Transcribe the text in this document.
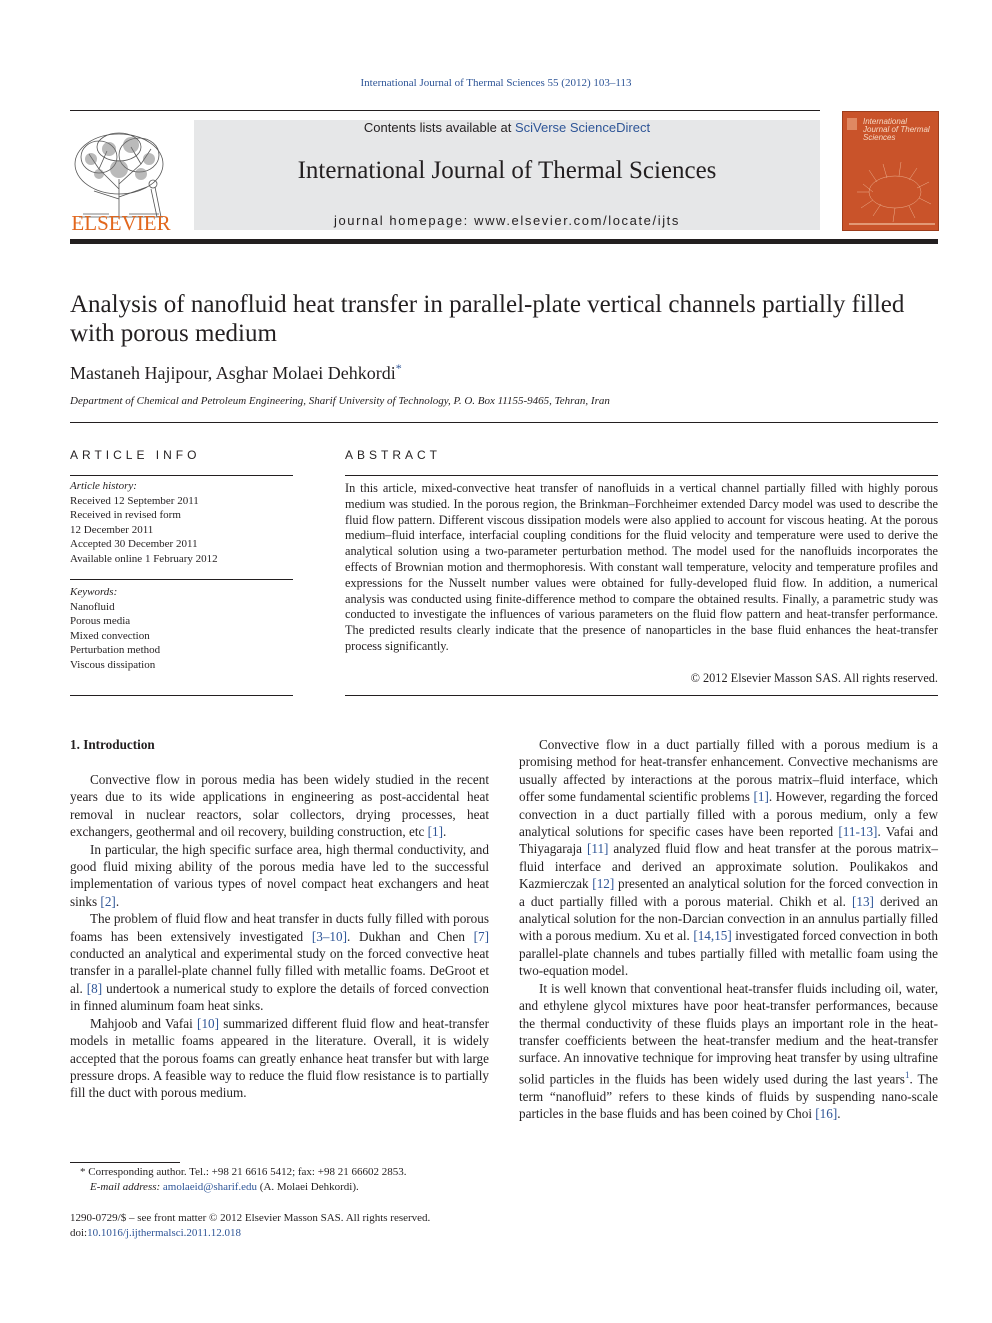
International Journal of Thermal Sciences 55 (2012) 103–113
ELSEVIER
Contents lists available at SciVerse ScienceDirect
International Journal of Thermal Sciences
journal homepage: www.elsevier.com/locate/ijts
International Journal of Thermal Sciences
Analysis of nanofluid heat transfer in parallel-plate vertical channels partially filled with porous medium
Mastaneh Hajipour, Asghar Molaei Dehkordi*
Department of Chemical and Petroleum Engineering, Sharif University of Technology, P. O. Box 11155-9465, Tehran, Iran
ARTICLE INFO
Article history:
Received 12 September 2011
Received in revised form
12 December 2011
Accepted 30 December 2011
Available online 1 February 2012
Keywords:
Nanofluid
Porous media
Mixed convection
Perturbation method
Viscous dissipation
ABSTRACT
In this article, mixed-convective heat transfer of nanofluids in a vertical channel partially filled with highly porous medium was studied. In the porous region, the Brinkman–Forchheimer extended Darcy model was used to describe the fluid flow pattern. Different viscous dissipation models were also applied to account for viscous heating. At the porous medium–fluid interface, interfacial coupling conditions for the fluid velocity and temperature were used to derive the analytical solution using a two-parameter perturbation method. The model used for the nanofluids incorporates the effects of Brownian motion and thermophoresis. With constant wall temperature, velocity and temperature profiles and expressions for the Nusselt number values were obtained for fully-developed fluid flow. In addition, a numerical analysis was conducted using finite-difference method to compare the obtained results. Finally, a parametric study was conducted to investigate the influences of various parameters on the fluid flow pattern and heat-transfer performance. The predicted results clearly indicate that the presence of nanoparticles in the base fluid enhances the heat-transfer process significantly.
© 2012 Elsevier Masson SAS. All rights reserved.
1. Introduction

Convective flow in porous media has been widely studied in the recent years due to its wide applications in engineering as post-accidental heat removal in nuclear reactors, solar collectors, drying processes, heat exchangers, geothermal and oil recovery, building construction, etc [1].

In particular, the high specific surface area, high thermal conductivity, and good fluid mixing ability of the porous media have led to the successful implementation of various types of novel compact heat exchangers and heat sinks [2].

The problem of fluid flow and heat transfer in ducts fully filled with porous foams has been extensively investigated [3–10]. Dukhan and Chen [7] conducted an analytical and experimental study on the forced convective heat transfer in a parallel-plate channel fully filled with metallic foams. DeGroot et al. [8] undertook a numerical study to explore the details of forced convection in finned aluminum foam heat sinks.

Mahjoob and Vafai [10] summarized different fluid flow and heat-transfer models in metallic foams appeared in the literature. Overall, it is widely accepted that the porous foams can greatly enhance heat transfer but with large pressure drops. A feasible way to reduce the fluid flow resistance is to partially fill the duct with porous medium.

Convective flow in a duct partially filled with a porous medium is a promising method for heat-transfer enhancement. Convective mechanisms are usually affected by interactions at the porous matrix–fluid interface, which offer some fundamental scientific problems [1]. However, regarding the forced convection in a duct partially filled with a porous medium, only a few analytical solutions for specific cases have been reported [11-13]. Vafai and Thiyagaraja [11] analyzed fluid flow and heat transfer at the porous matrix–fluid interface and derived an approximate solution. Poulikakos and Kazmierczak [12] presented an analytical solution for the forced convection in a duct partially filled with a porous material. Chikh et al. [13] derived an analytical solution for the non-Darcian convection in an annulus partially filled with a porous medium. Xu et al. [14,15] investigated forced convection in both parallel-plate channels and tubes partially filled with metallic foam using the two-equation model.

It is well known that conventional heat-transfer fluids including oil, water, and ethylene glycol mixtures have poor heat-transfer performances, because the thermal conductivity of these fluids plays an important role in the heat-transfer coefficients between the heat-transfer medium and the heat-transfer surface. An innovative technique for improving heat transfer by using ultrafine solid particles in the fluids has been widely used during the last years$^1$. The term “nanofluid” refers to these kinds of fluids by suspending nano-scale particles in the base fluids and has been coined by Choi [16].

* Corresponding author. Tel.: +98 21 6616 5412; fax: +98 21 66602 2853.
E-mail address: amolaeid@sharif.edu (A. Molaei Dehkordi).
1290-0729/$ – see front matter © 2012 Elsevier Masson SAS. All rights reserved.
doi:10.1016/j.ijthermalsci.2011.12.018
